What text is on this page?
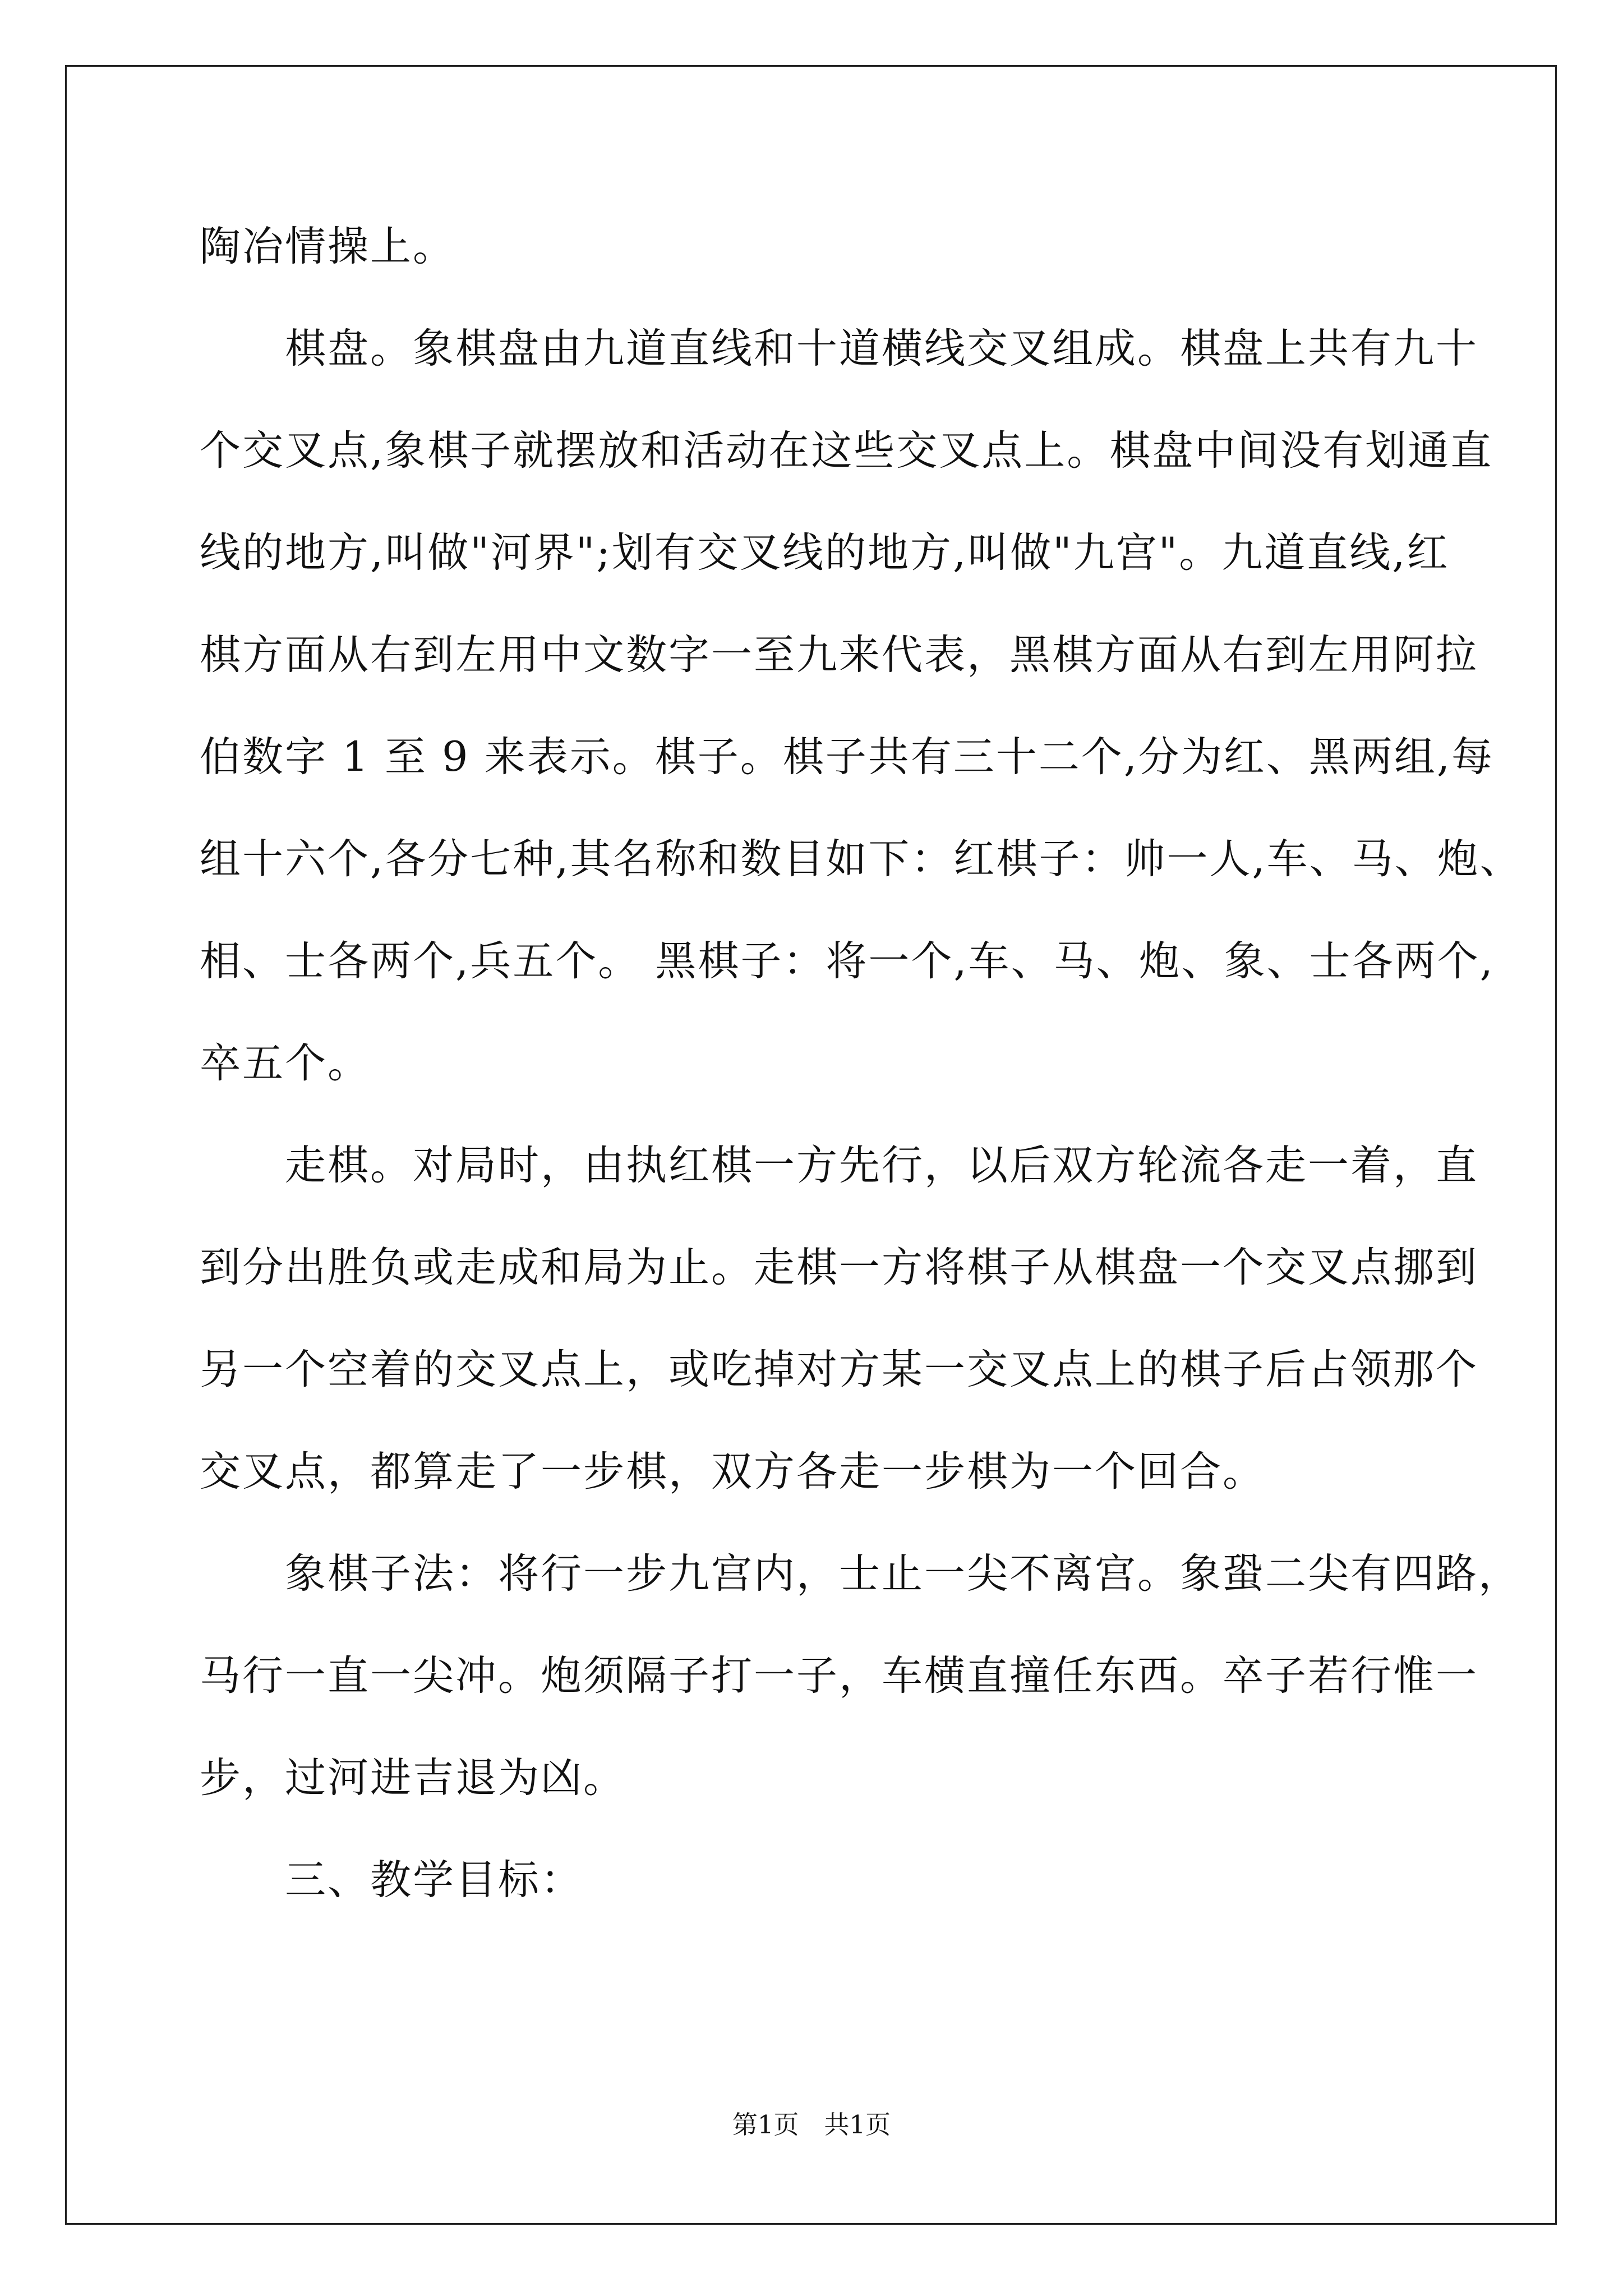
陶冶情操上。
　　棋盘。象棋盘由九道直线和十道横线交叉组成。棋盘上共有九十
个交叉点,象棋子就摆放和活动在这些交叉点上。棋盘中间没有划通直
线的地方,叫做"河界";划有交叉线的地方,叫做"九宫"。九道直线,红
棋方面从右到左用中文数字一至九来代表，黑棋方面从右到左用阿拉
伯数字 1 至 9 来表示。棋子。棋子共有三十二个,分为红、黑两组,每
组十六个,各分七种,其名称和数目如下：红棋子：帅一人,车、马、炮、
相、士各两个,兵五个。 黑棋子：将一个,车、马、炮、象、士各两个,
卒五个。
　　走棋。对局时，由执红棋一方先行，以后双方轮流各走一着，直
到分出胜负或走成和局为止。走棋一方将棋子从棋盘一个交叉点挪到
另一个空着的交叉点上，或吃掉对方某一交叉点上的棋子后占领那个
交叉点，都算走了一步棋，双方各走一步棋为一个回合。
　　象棋子法：将行一步九宫内，士止一尖不离宫。象蛩二尖有四路，
马行一直一尖冲。炮须隔子打一子，车横直撞任东西。卒子若行惟一
步，过河进吉退为凶。
　　三、教学目标：
第1页　共1页
